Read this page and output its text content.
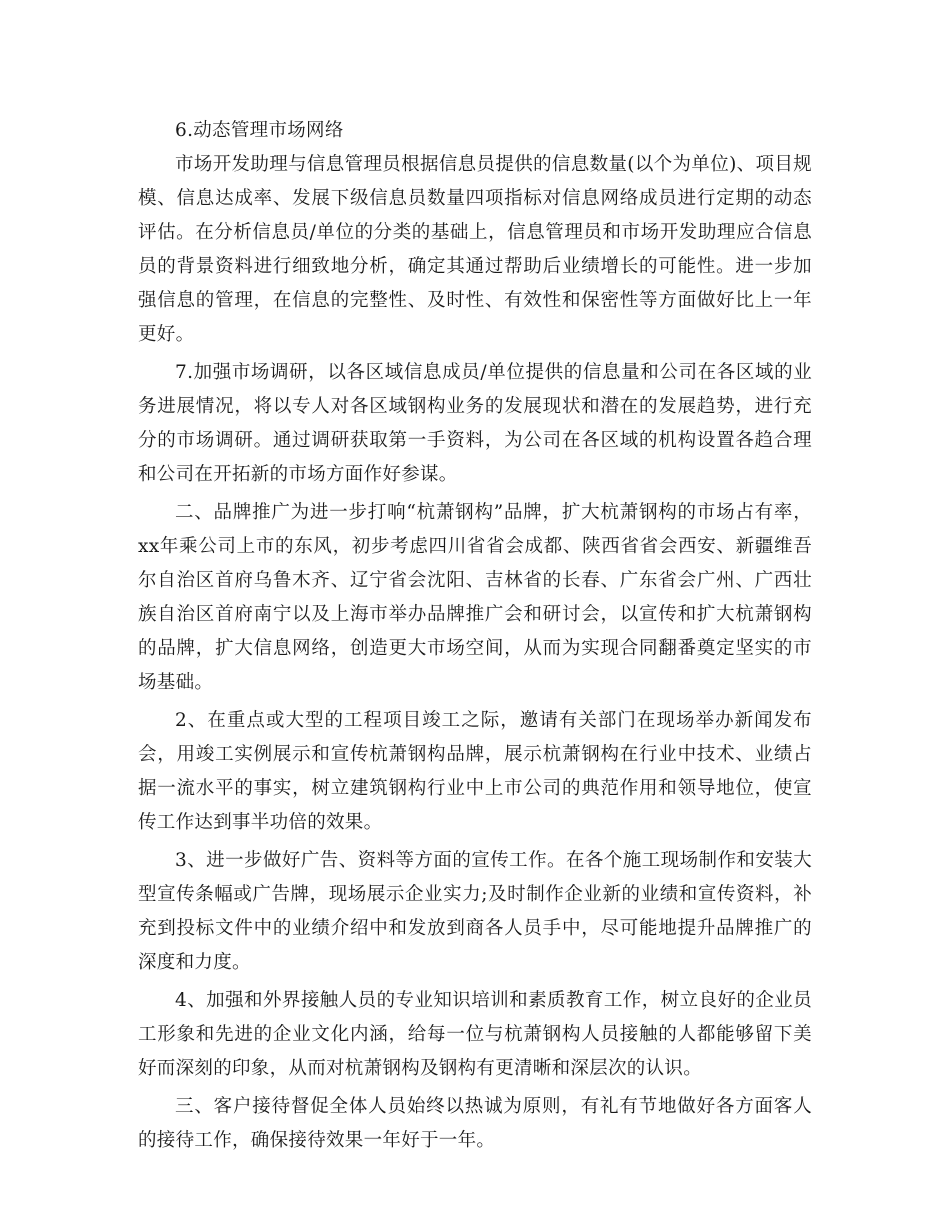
6.动态管理市场网络

市场开发助理与信息管理员根据信息员提供的信息数量(以个为单位)、项目规模、信息达成率、发展下级信息员数量四项指标对信息网络成员进行定期的动态评估。在分析信息员/单位的分类的基础上，信息管理员和市场开发助理应合信息员的背景资料进行细致地分析，确定其通过帮助后业绩增长的可能性。进一步加强信息的管理，在信息的完整性、及时性、有效性和保密性等方面做好比上一年更好。

7.加强市场调研，以各区域信息成员/单位提供的信息量和公司在各区域的业务进展情况，将以专人对各区域钢构业务的发展现状和潜在的发展趋势，进行充分的市场调研。通过调研获取第一手资料，为公司在各区域的机构设置各趋合理和公司在开拓新的市场方面作好参谋。

二、品牌推广为进一步打响“杭萧钢构”品牌，扩大杭萧钢构的市场占有率，xx年乘公司上市的东风，初步考虑四川省省会成都、陕西省省会西安、新疆维吾尔自治区首府乌鲁木齐、辽宁省会沈阳、吉林省的长春、广东省会广州、广西壮族自治区首府南宁以及上海市举办品牌推广会和研讨会，以宣传和扩大杭萧钢构的品牌，扩大信息网络，创造更大市场空间，从而为实现合同翻番奠定坚实的市场基础。

2、在重点或大型的工程项目竣工之际，邀请有关部门在现场举办新闻发布会，用竣工实例展示和宣传杭萧钢构品牌，展示杭萧钢构在行业中技术、业绩占据一流水平的事实，树立建筑钢构行业中上市公司的典范作用和领导地位，使宣传工作达到事半功倍的效果。

3、进一步做好广告、资料等方面的宣传工作。在各个施工现场制作和安装大型宣传条幅或广告牌，现场展示企业实力;及时制作企业新的业绩和宣传资料，补充到投标文件中的业绩介绍中和发放到商各人员手中，尽可能地提升品牌推广的深度和力度。

4、加强和外界接触人员的专业知识培训和素质教育工作，树立良好的企业员工形象和先进的企业文化内涵，给每一位与杭萧钢构人员接触的人都能够留下美好而深刻的印象，从而对杭萧钢构及钢构有更清晰和深层次的认识。

三、客户接待督促全体人员始终以热诚为原则，有礼有节地做好各方面客人的接待工作，确保接待效果一年好于一年。
